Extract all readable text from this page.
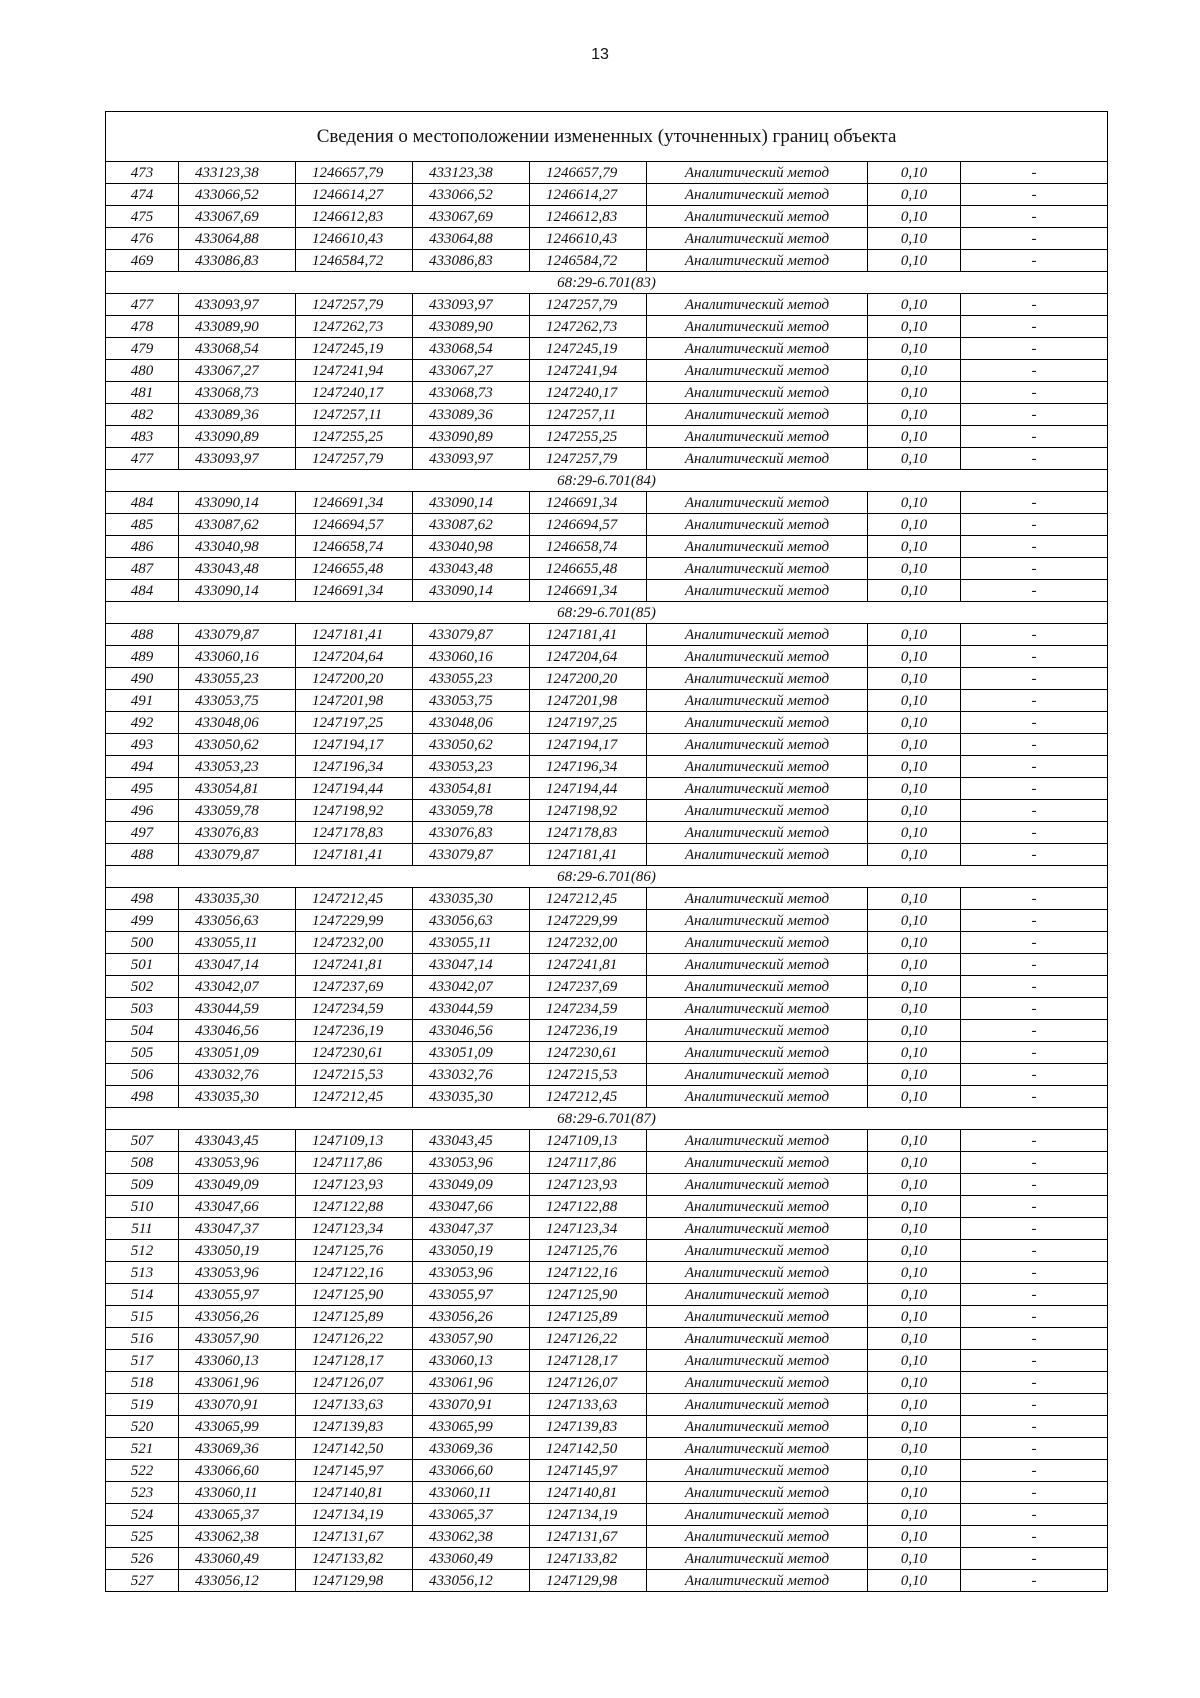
13
Сведения о местоположении измененных (уточненных) границ объекта							
473	433123,38	1246657,79	433123,38	1246657,79	Аналитический метод	0,10	-
474	433066,52	1246614,27	433066,52	1246614,27	Аналитический метод	0,10	-
475	433067,69	1246612,83	433067,69	1246612,83	Аналитический метод	0,10	-
476	433064,88	1246610,43	433064,88	1246610,43	Аналитический метод	0,10	-
469	433086,83	1246584,72	433086,83	1246584,72	Аналитический метод	0,10	-
68:29-6.701(83)							
477	433093,97	1247257,79	433093,97	1247257,79	Аналитический метод	0,10	-
478	433089,90	1247262,73	433089,90	1247262,73	Аналитический метод	0,10	-
479	433068,54	1247245,19	433068,54	1247245,19	Аналитический метод	0,10	-
480	433067,27	1247241,94	433067,27	1247241,94	Аналитический метод	0,10	-
481	433068,73	1247240,17	433068,73	1247240,17	Аналитический метод	0,10	-
482	433089,36	1247257,11	433089,36	1247257,11	Аналитический метод	0,10	-
483	433090,89	1247255,25	433090,89	1247255,25	Аналитический метод	0,10	-
477	433093,97	1247257,79	433093,97	1247257,79	Аналитический метод	0,10	-
68:29-6.701(84)							
484	433090,14	1246691,34	433090,14	1246691,34	Аналитический метод	0,10	-
485	433087,62	1246694,57	433087,62	1246694,57	Аналитический метод	0,10	-
486	433040,98	1246658,74	433040,98	1246658,74	Аналитический метод	0,10	-
487	433043,48	1246655,48	433043,48	1246655,48	Аналитический метод	0,10	-
484	433090,14	1246691,34	433090,14	1246691,34	Аналитический метод	0,10	-
68:29-6.701(85)							
488	433079,87	1247181,41	433079,87	1247181,41	Аналитический метод	0,10	-
489	433060,16	1247204,64	433060,16	1247204,64	Аналитический метод	0,10	-
490	433055,23	1247200,20	433055,23	1247200,20	Аналитический метод	0,10	-
491	433053,75	1247201,98	433053,75	1247201,98	Аналитический метод	0,10	-
492	433048,06	1247197,25	433048,06	1247197,25	Аналитический метод	0,10	-
493	433050,62	1247194,17	433050,62	1247194,17	Аналитический метод	0,10	-
494	433053,23	1247196,34	433053,23	1247196,34	Аналитический метод	0,10	-
495	433054,81	1247194,44	433054,81	1247194,44	Аналитический метод	0,10	-
496	433059,78	1247198,92	433059,78	1247198,92	Аналитический метод	0,10	-
497	433076,83	1247178,83	433076,83	1247178,83	Аналитический метод	0,10	-
488	433079,87	1247181,41	433079,87	1247181,41	Аналитический метод	0,10	-
68:29-6.701(86)							
498	433035,30	1247212,45	433035,30	1247212,45	Аналитический метод	0,10	-
499	433056,63	1247229,99	433056,63	1247229,99	Аналитический метод	0,10	-
500	433055,11	1247232,00	433055,11	1247232,00	Аналитический метод	0,10	-
501	433047,14	1247241,81	433047,14	1247241,81	Аналитический метод	0,10	-
502	433042,07	1247237,69	433042,07	1247237,69	Аналитический метод	0,10	-
503	433044,59	1247234,59	433044,59	1247234,59	Аналитический метод	0,10	-
504	433046,56	1247236,19	433046,56	1247236,19	Аналитический метод	0,10	-
505	433051,09	1247230,61	433051,09	1247230,61	Аналитический метод	0,10	-
506	433032,76	1247215,53	433032,76	1247215,53	Аналитический метод	0,10	-
498	433035,30	1247212,45	433035,30	1247212,45	Аналитический метод	0,10	-
68:29-6.701(87)							
507	433043,45	1247109,13	433043,45	1247109,13	Аналитический метод	0,10	-
508	433053,96	1247117,86	433053,96	1247117,86	Аналитический метод	0,10	-
509	433049,09	1247123,93	433049,09	1247123,93	Аналитический метод	0,10	-
510	433047,66	1247122,88	433047,66	1247122,88	Аналитический метод	0,10	-
511	433047,37	1247123,34	433047,37	1247123,34	Аналитический метод	0,10	-
512	433050,19	1247125,76	433050,19	1247125,76	Аналитический метод	0,10	-
513	433053,96	1247122,16	433053,96	1247122,16	Аналитический метод	0,10	-
514	433055,97	1247125,90	433055,97	1247125,90	Аналитический метод	0,10	-
515	433056,26	1247125,89	433056,26	1247125,89	Аналитический метод	0,10	-
516	433057,90	1247126,22	433057,90	1247126,22	Аналитический метод	0,10	-
517	433060,13	1247128,17	433060,13	1247128,17	Аналитический метод	0,10	-
518	433061,96	1247126,07	433061,96	1247126,07	Аналитический метод	0,10	-
519	433070,91	1247133,63	433070,91	1247133,63	Аналитический метод	0,10	-
520	433065,99	1247139,83	433065,99	1247139,83	Аналитический метод	0,10	-
521	433069,36	1247142,50	433069,36	1247142,50	Аналитический метод	0,10	-
522	433066,60	1247145,97	433066,60	1247145,97	Аналитический метод	0,10	-
523	433060,11	1247140,81	433060,11	1247140,81	Аналитический метод	0,10	-
524	433065,37	1247134,19	433065,37	1247134,19	Аналитический метод	0,10	-
525	433062,38	1247131,67	433062,38	1247131,67	Аналитический метод	0,10	-
526	433060,49	1247133,82	433060,49	1247133,82	Аналитический метод	0,10	-
527	433056,12	1247129,98	433056,12	1247129,98	Аналитический метод	0,10	-
